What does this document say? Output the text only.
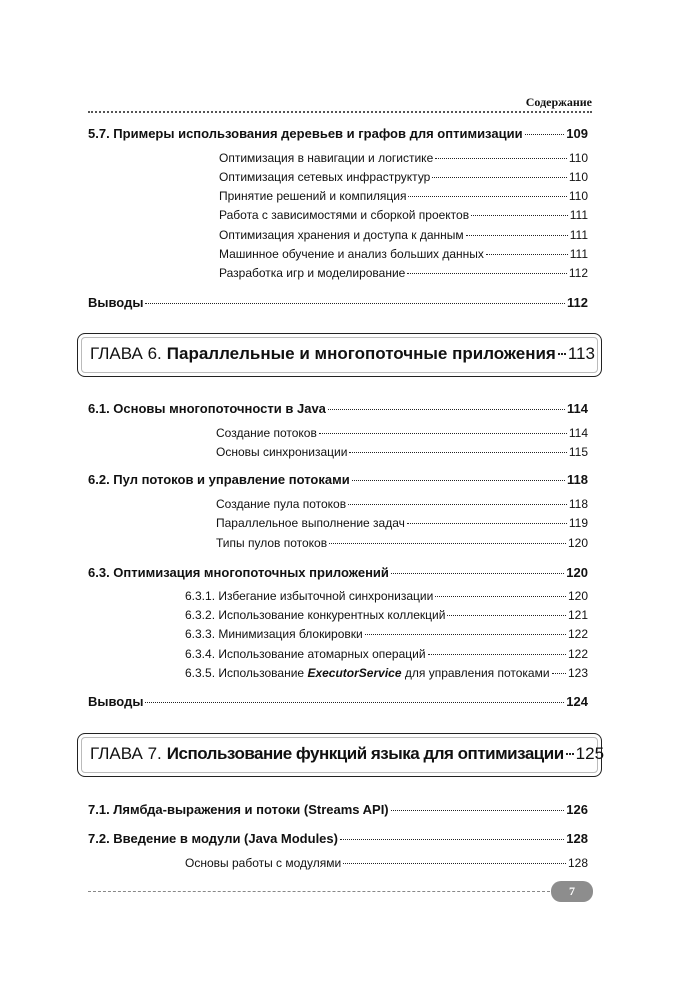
Содержание
5.7. Примеры использования деревьев и графов для оптимизации	109
Оптимизация в навигации и логистике	110
Оптимизация сетевых инфраструктур	110
Принятие решений и компиляция	110
Работа с зависимостями и сборкой проектов	111
Оптимизация хранения и доступа к данным	111
Машинное обучение и анализ больших данных	111
Разработка игр и моделирование	112
Выводы	112
ГЛАВА 6. Параллельные и многопоточные приложения 113
6.1. Основы многопоточности в Java	114
Создание потоков	114
Основы синхронизации	115
6.2. Пул потоков и управление потоками	118
Создание пула потоков	118
Параллельное выполнение задач	119
Типы пулов потоков	120
6.3. Оптимизация многопоточных приложений	120
6.3.1. Избегание избыточной синхронизации	120
6.3.2. Использование конкурентных коллекций	121
6.3.3. Минимизация блокировки	122
6.3.4. Использование атомарных операций	122
6.3.5. Использование ExecutorService для управления потоками 123
Выводы	124
ГЛАВА 7. Использование функций языка для оптимизации 125
7.1. Лямбда-выражения и потоки (Streams API)	126
7.2. Введение в модули (Java Modules)	128
Основы работы с модулями	128
7
